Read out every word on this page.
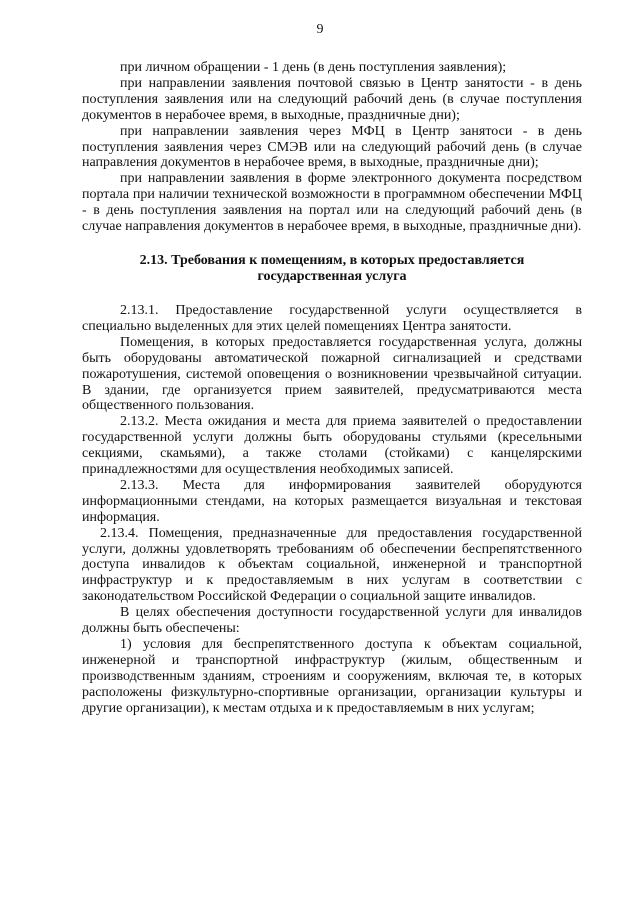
9

при личном обращении - 1 день (в день поступления заявления);

при направлении заявления почтовой связью в Центр занятости - в день поступления заявления или на следующий рабочий день (в случае поступления документов в нерабочее время, в выходные, праздничные дни);

при направлении заявления через МФЦ в Центр занятоси - в день поступления заявления через СМЭВ или на следующий рабочий день (в случае направления документов в нерабочее время, в выходные, праздничные дни);

при направлении заявления в форме электронного документа посредством портала при наличии технической возможности в программном обеспечении МФЦ - в день поступления заявления на портал или на следующий рабочий день (в случае направления документов в нерабочее время, в выходные, праздничные дни).

2.13. Требования к помещениям, в которых предоставляется государственная услуга

2.13.1. Предоставление государственной услуги осуществляется в специально выделенных для этих целей помещениях Центра занятости.

Помещения, в которых предоставляется государственная услуга, должны быть оборудованы автоматической пожарной сигнализацией и средствами пожаротушения, системой оповещения о возникновении чрезвычайной ситуации. В здании, где организуется прием заявителей, предусматриваются места общественного пользования.

2.13.2. Места ожидания и места для приема заявителей о предоставлении государственной услуги должны быть оборудованы стульями (кресельными секциями, скамьями), а также столами (стойками) с канцелярскими принадлежностями для осуществления необходимых записей.

2.13.3. Места для информирования заявителей оборудуются информационными стендами, на которых размещается визуальная и текстовая информация.

2.13.4. Помещения, предназначенные для предоставления государственной услуги, должны удовлетворять требованиям об обеспечении беспрепятственного доступа инвалидов к объектам социальной, инженерной и транспортной инфраструктур и к предоставляемым в них услугам в соответствии с законодательством Российской Федерации о социальной защите инвалидов.

В целях обеспечения доступности государственной услуги для инвалидов должны быть обеспечены:

1) условия для беспрепятственного доступа к объектам социальной, инженерной и транспортной инфраструктур (жилым, общественным и производственным зданиям, строениям и сооружениям, включая те, в которых расположены физкультурно-спортивные организации, организации культуры и другие организации), к местам отдыха и к предоставляемым в них услугам;
